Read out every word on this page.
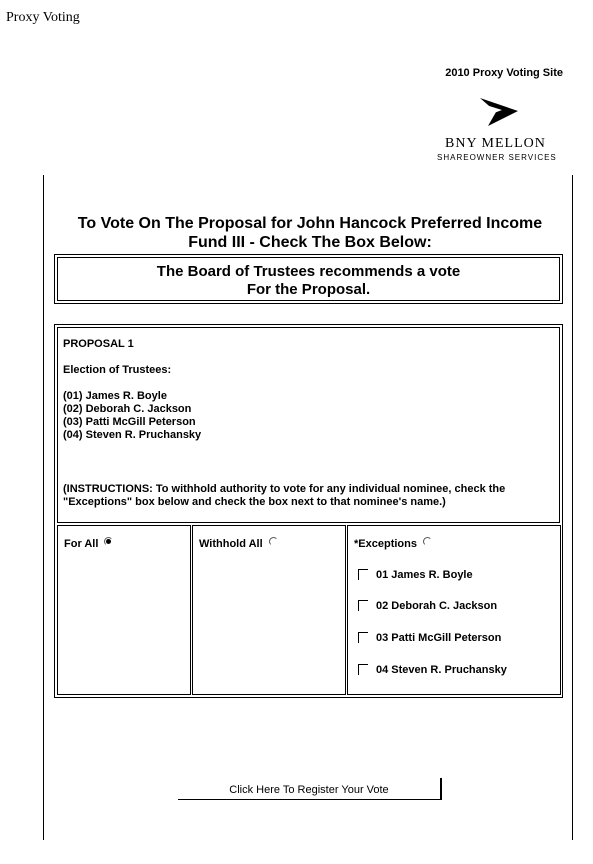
Proxy Voting
2010 Proxy Voting Site
BNY MELLON
SHAREOWNER SERVICES
To Vote On The Proposal for John Hancock Preferred Income
Fund III - Check The Box Below:
The Board of Trustees recommends a vote
For the Proposal.
PROPOSAL 1
Election of Trustees:
(01) James R. Boyle
(02) Deborah C. Jackson
(03) Patti McGill Peterson
(04) Steven R. Pruchansky
(INSTRUCTIONS: To withhold authority to vote for any individual nominee, check the "Exceptions" box below and check the box next to that nominee's name.)
For All	Withhold All	*Exceptions
01 James R. Boyle
02 Deborah C. Jackson
03 Patti McGill Peterson
04 Steven R. Pruchansky
Click Here To Register Your Vote
